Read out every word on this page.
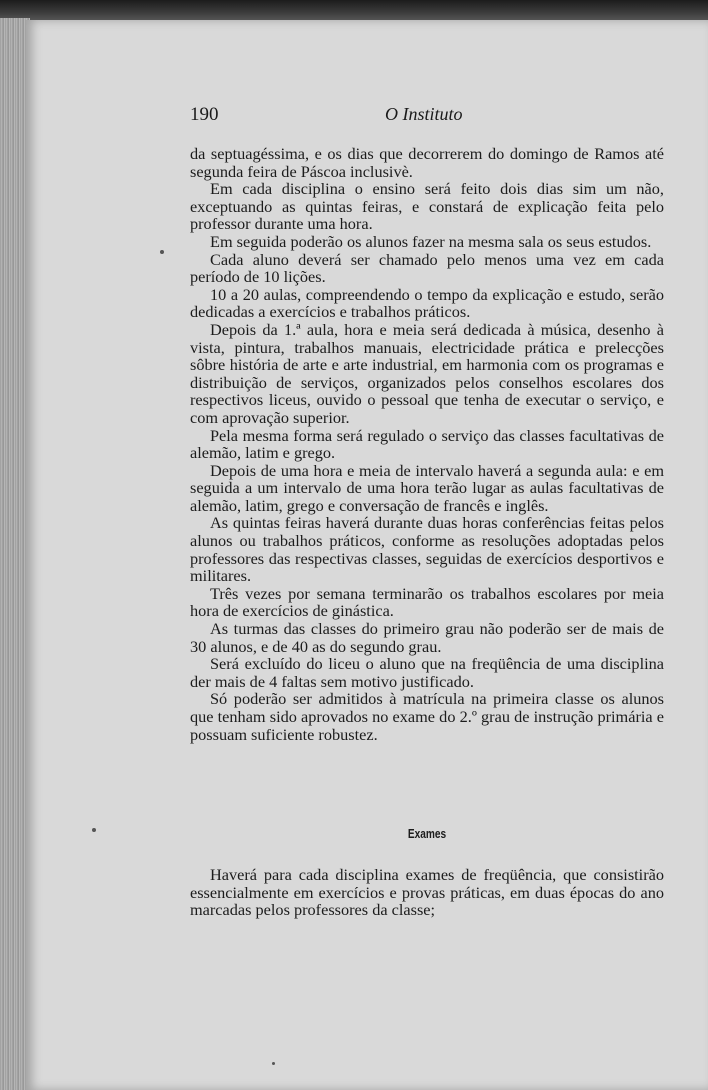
190	O Instituto

da septuagéssima, e os dias que decorrerem do domingo de Ramos até segunda feira de Páscoa inclusivè.

Em cada disciplina o ensino será feito dois dias sim um não, exceptuando as quintas feiras, e constará de explicação feita pelo professor durante uma hora.

Em seguida poderão os alunos fazer na mesma sala os seus estudos.

Cada aluno deverá ser chamado pelo menos uma vez em cada período de 10 lições.

10 a 20 aulas, compreendendo o tempo da explicação e estudo, serão dedicadas a exercícios e trabalhos práticos.

Depois da 1.ª aula, hora e meia será dedicada à música, desenho à vista, pintura, trabalhos manuais, electricidade prática e prelecções sôbre história de arte e arte industrial, em harmonia com os programas e distribuição de serviços, organizados pelos conselhos escolares dos respectivos liceus, ouvido o pessoal que tenha de executar o serviço, e com aprovação superior.

Pela mesma forma será regulado o serviço das classes facultativas de alemão, latim e grego.

Depois de uma hora e meia de intervalo haverá a segunda aula: e em seguida a um intervalo de uma hora terão lugar as aulas facultativas de alemão, latim, grego e conversação de francês e inglês.

As quintas feiras haverá durante duas horas conferências feitas pelos alunos ou trabalhos práticos, conforme as resoluções adoptadas pelos professores das respectivas classes, seguidas de exercícios desportivos e militares.

Três vezes por semana terminarão os trabalhos escolares por meia hora de exercícios de ginástica.

As turmas das classes do primeiro grau não poderão ser de mais de 30 alunos, e de 40 as do segundo grau.

Será excluído do liceu o aluno que na freqüência de uma disciplina der mais de 4 faltas sem motivo justificado.

Só poderão ser admitidos à matrícula na primeira classe os alunos que tenham sido aprovados no exame do 2.º grau de instrução primária e possuam suficiente robustez.

Exames

Haverá para cada disciplina exames de freqüência, que consistirão essencialmente em exercícios e provas práticas, em duas épocas do ano marcadas pelos professores da classe;
